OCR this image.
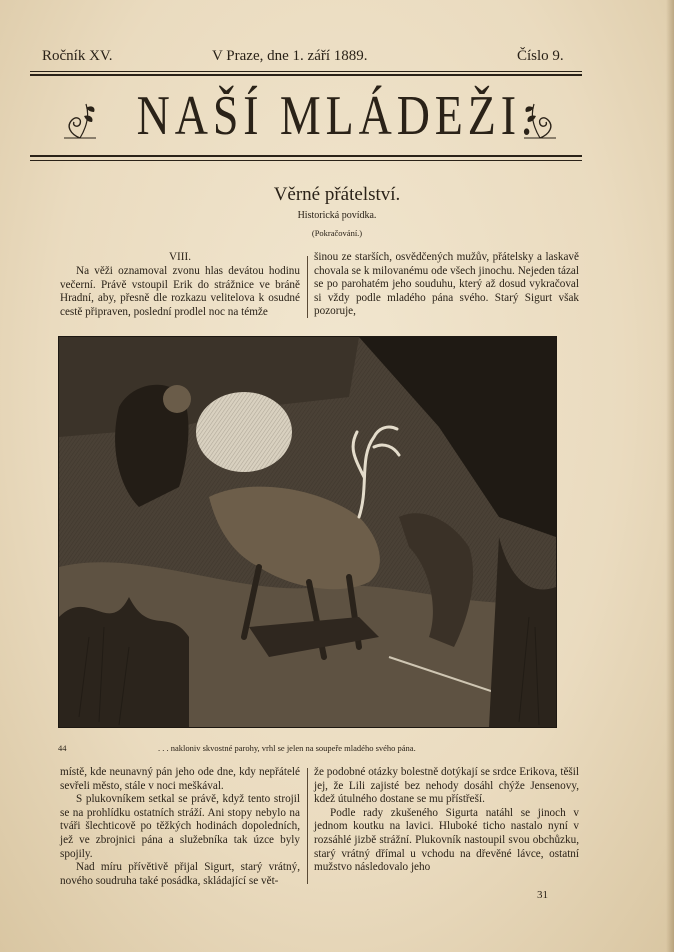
Ročník XV.	V Praze, dne 1. září 1889.	Číslo 9.
NAŠÍ MLÁDEŽI.
Věrné přátelství.
Historická povídka.
(Pokračování.)
VIII.

Na věži oznamoval zvonu hlas devátou hodinu večerní. Právě vstoupil Erik do strážnice ve bráně Hradní, aby, přesně dle rozkazu velitelova k osudné cestě připraven, poslední prodlel noc na témže

šinou ze starších, osvědčených mužův, přátelsky a laskavě chovala se k milovanému ode všech jinochu. Nejeden tázal se po parohatém jeho souduhu, který až dosud vykračoval si vždy podle mladého pána svého. Starý Sigurt však pozoruje,

44	. . . nakloniv skvostné parohy, vrhl se jelen na soupeře mladého svého pána.

místě, kde neunavný pán jeho ode dne, kdy nepřátelé sevřeli město, stále v noci meškával.

S plukovníkem setkal se právě, když tento strojil se na prohlídku ostatních stráží. Ani stopy nebylo na tváři šlechticově po těžkých hodinách dopoledních, jež ve zbrojnici pána a služebníka tak úzce byly spojily.

Nad míru přívětivě přijal Sigurt, starý vrátný, nového soudruha také posádka, skládající se vět-

že podobné otázky bolestně dotýkají se srdce Erikova, těšil jej, že Lili zajisté bez nehody dosáhl chýže Jensenovy, kdež útulného dostane se mu přístřeší.

Podle rady zkušeného Sigurta natáhl se jinoch v jednom koutku na lavici. Hluboké ticho nastalo nyní v rozsáhlé jizbě strážní. Plukovník nastoupil svou obchůzku, starý vrátný dřímal u vchodu na dřevěné lávce, ostatní mužstvo následovalo jeho

31
